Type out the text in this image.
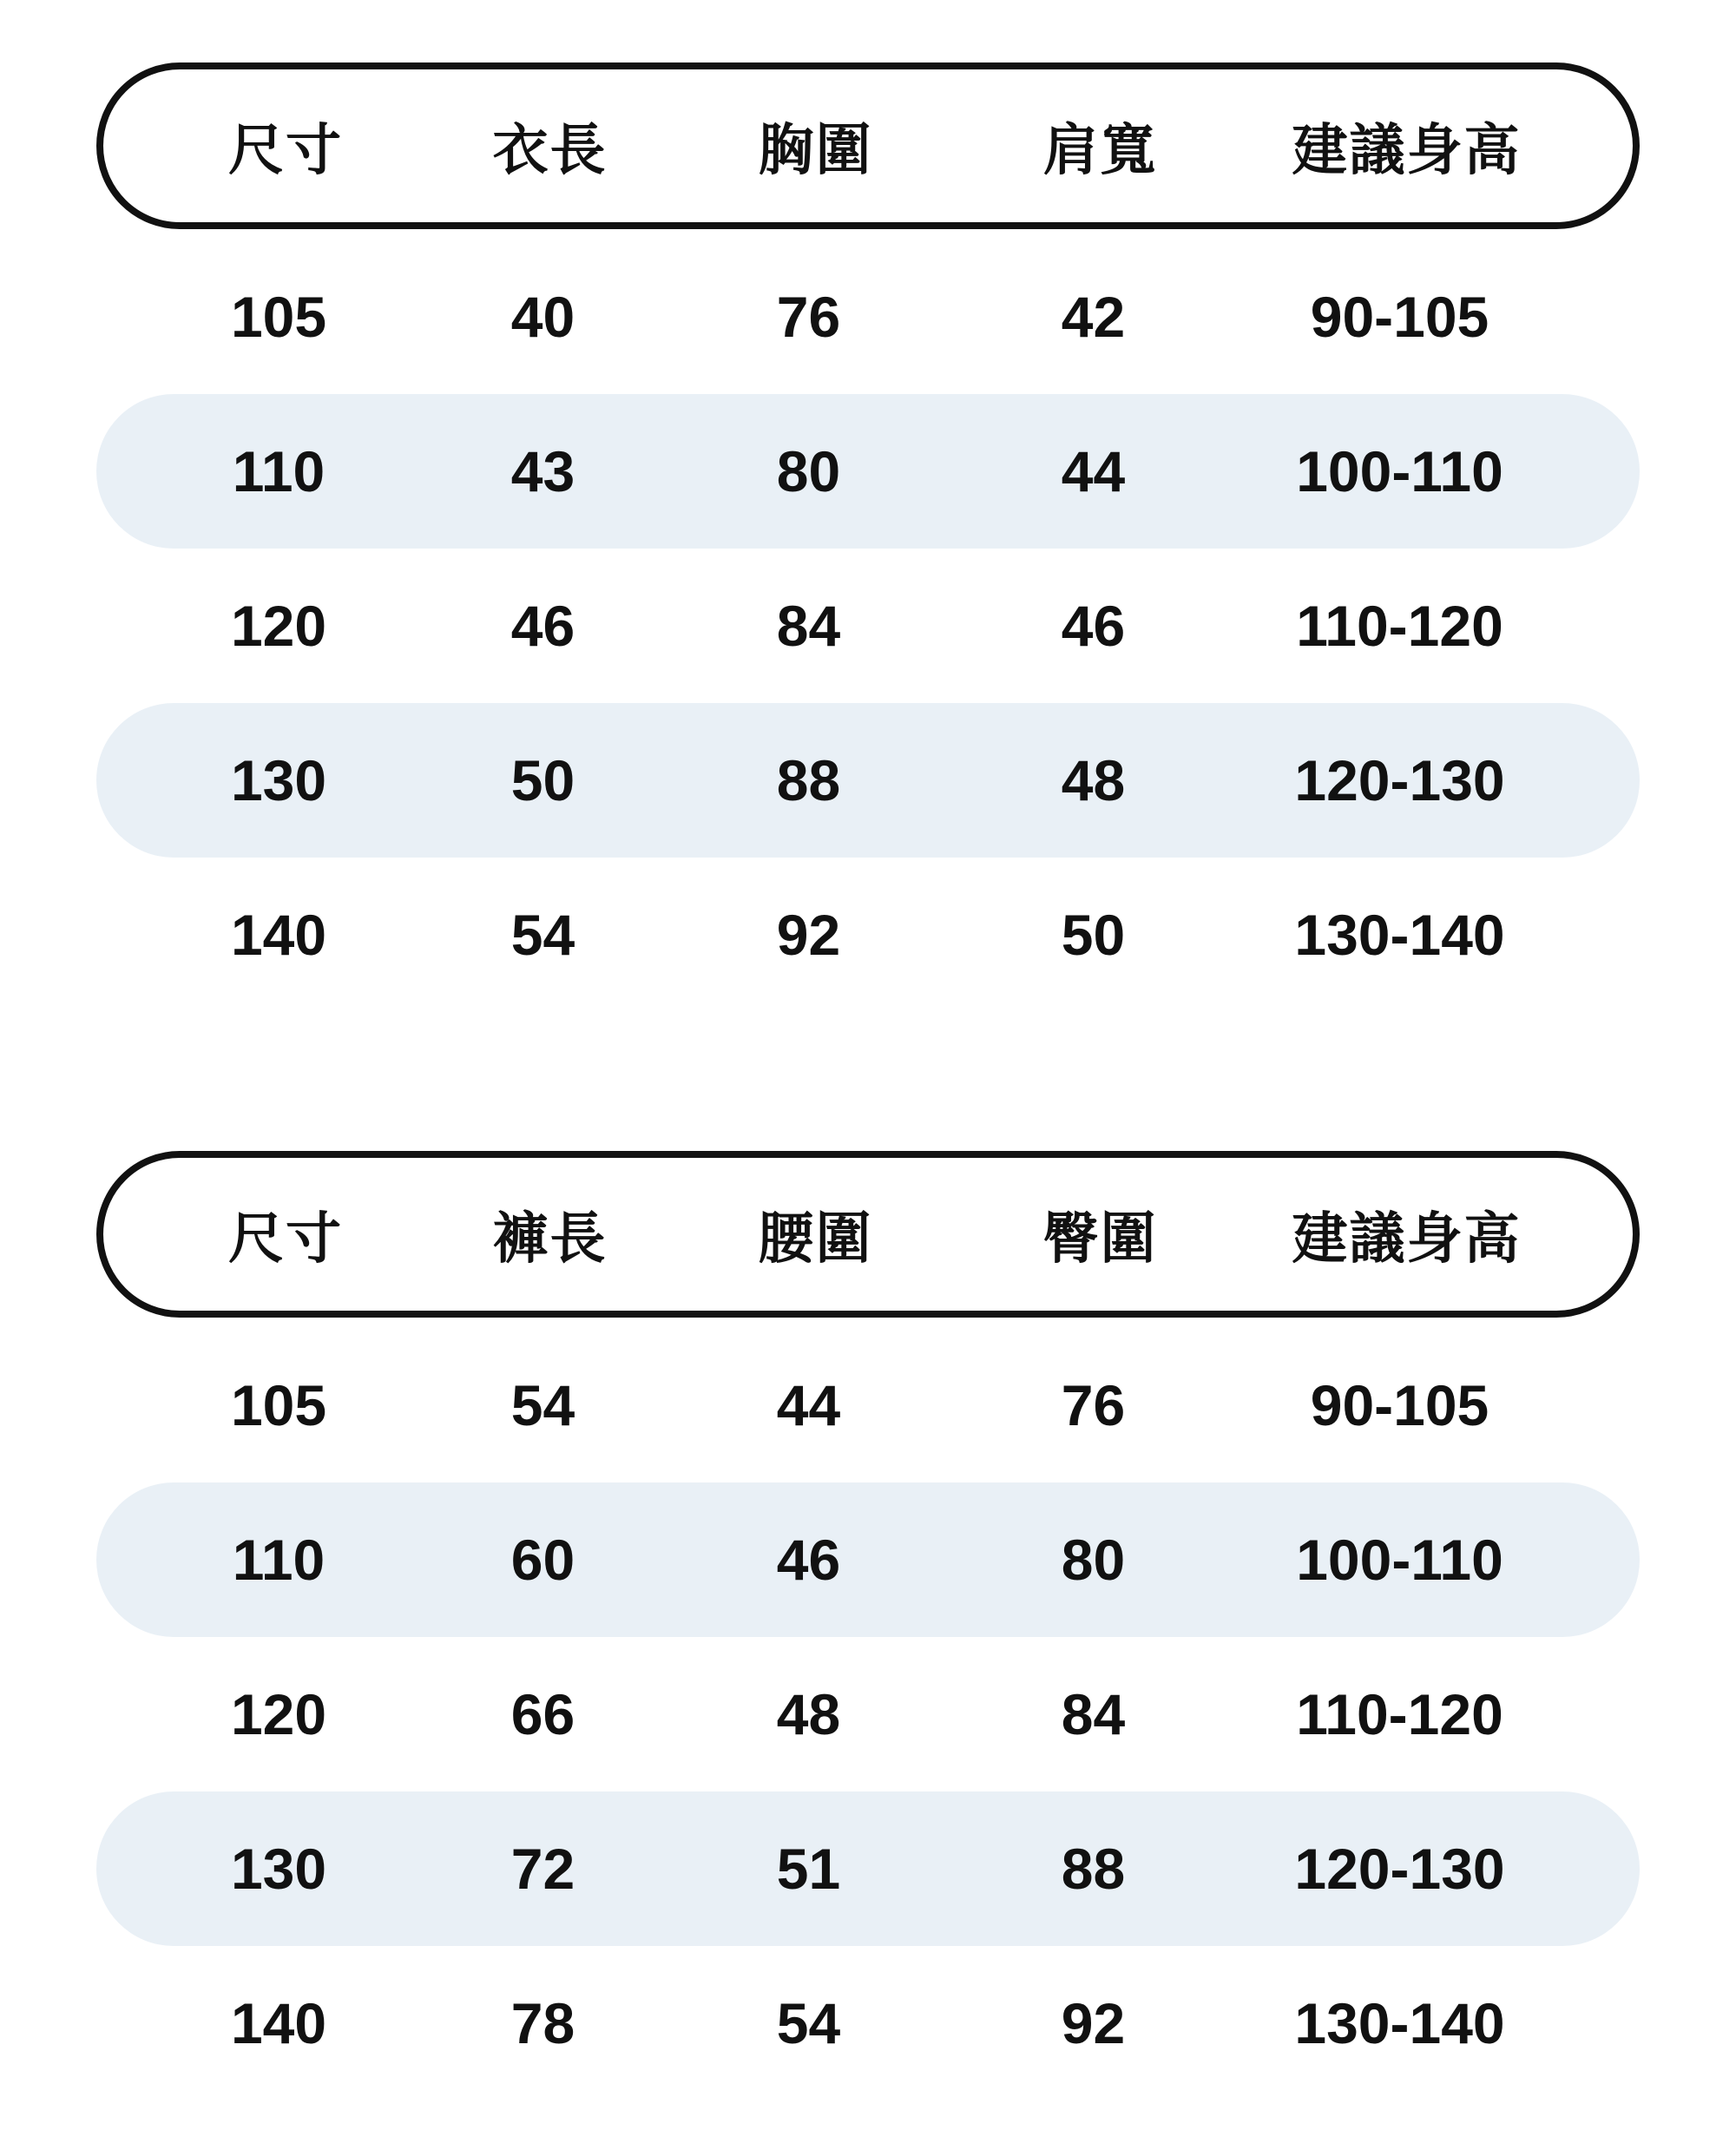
尺寸	衣長	胸圍	肩寬	建議身高
105	40	76	42	90-105
110	43	80	44	100-110
120	46	84	46	110-120
130	50	88	48	120-130
140	54	92	50	130-140
尺寸	褲長	腰圍	臀圍	建議身高
105	54	44	76	90-105
110	60	46	80	100-110
120	66	48	84	110-120
130	72	51	88	120-130
140	78	54	92	130-140
